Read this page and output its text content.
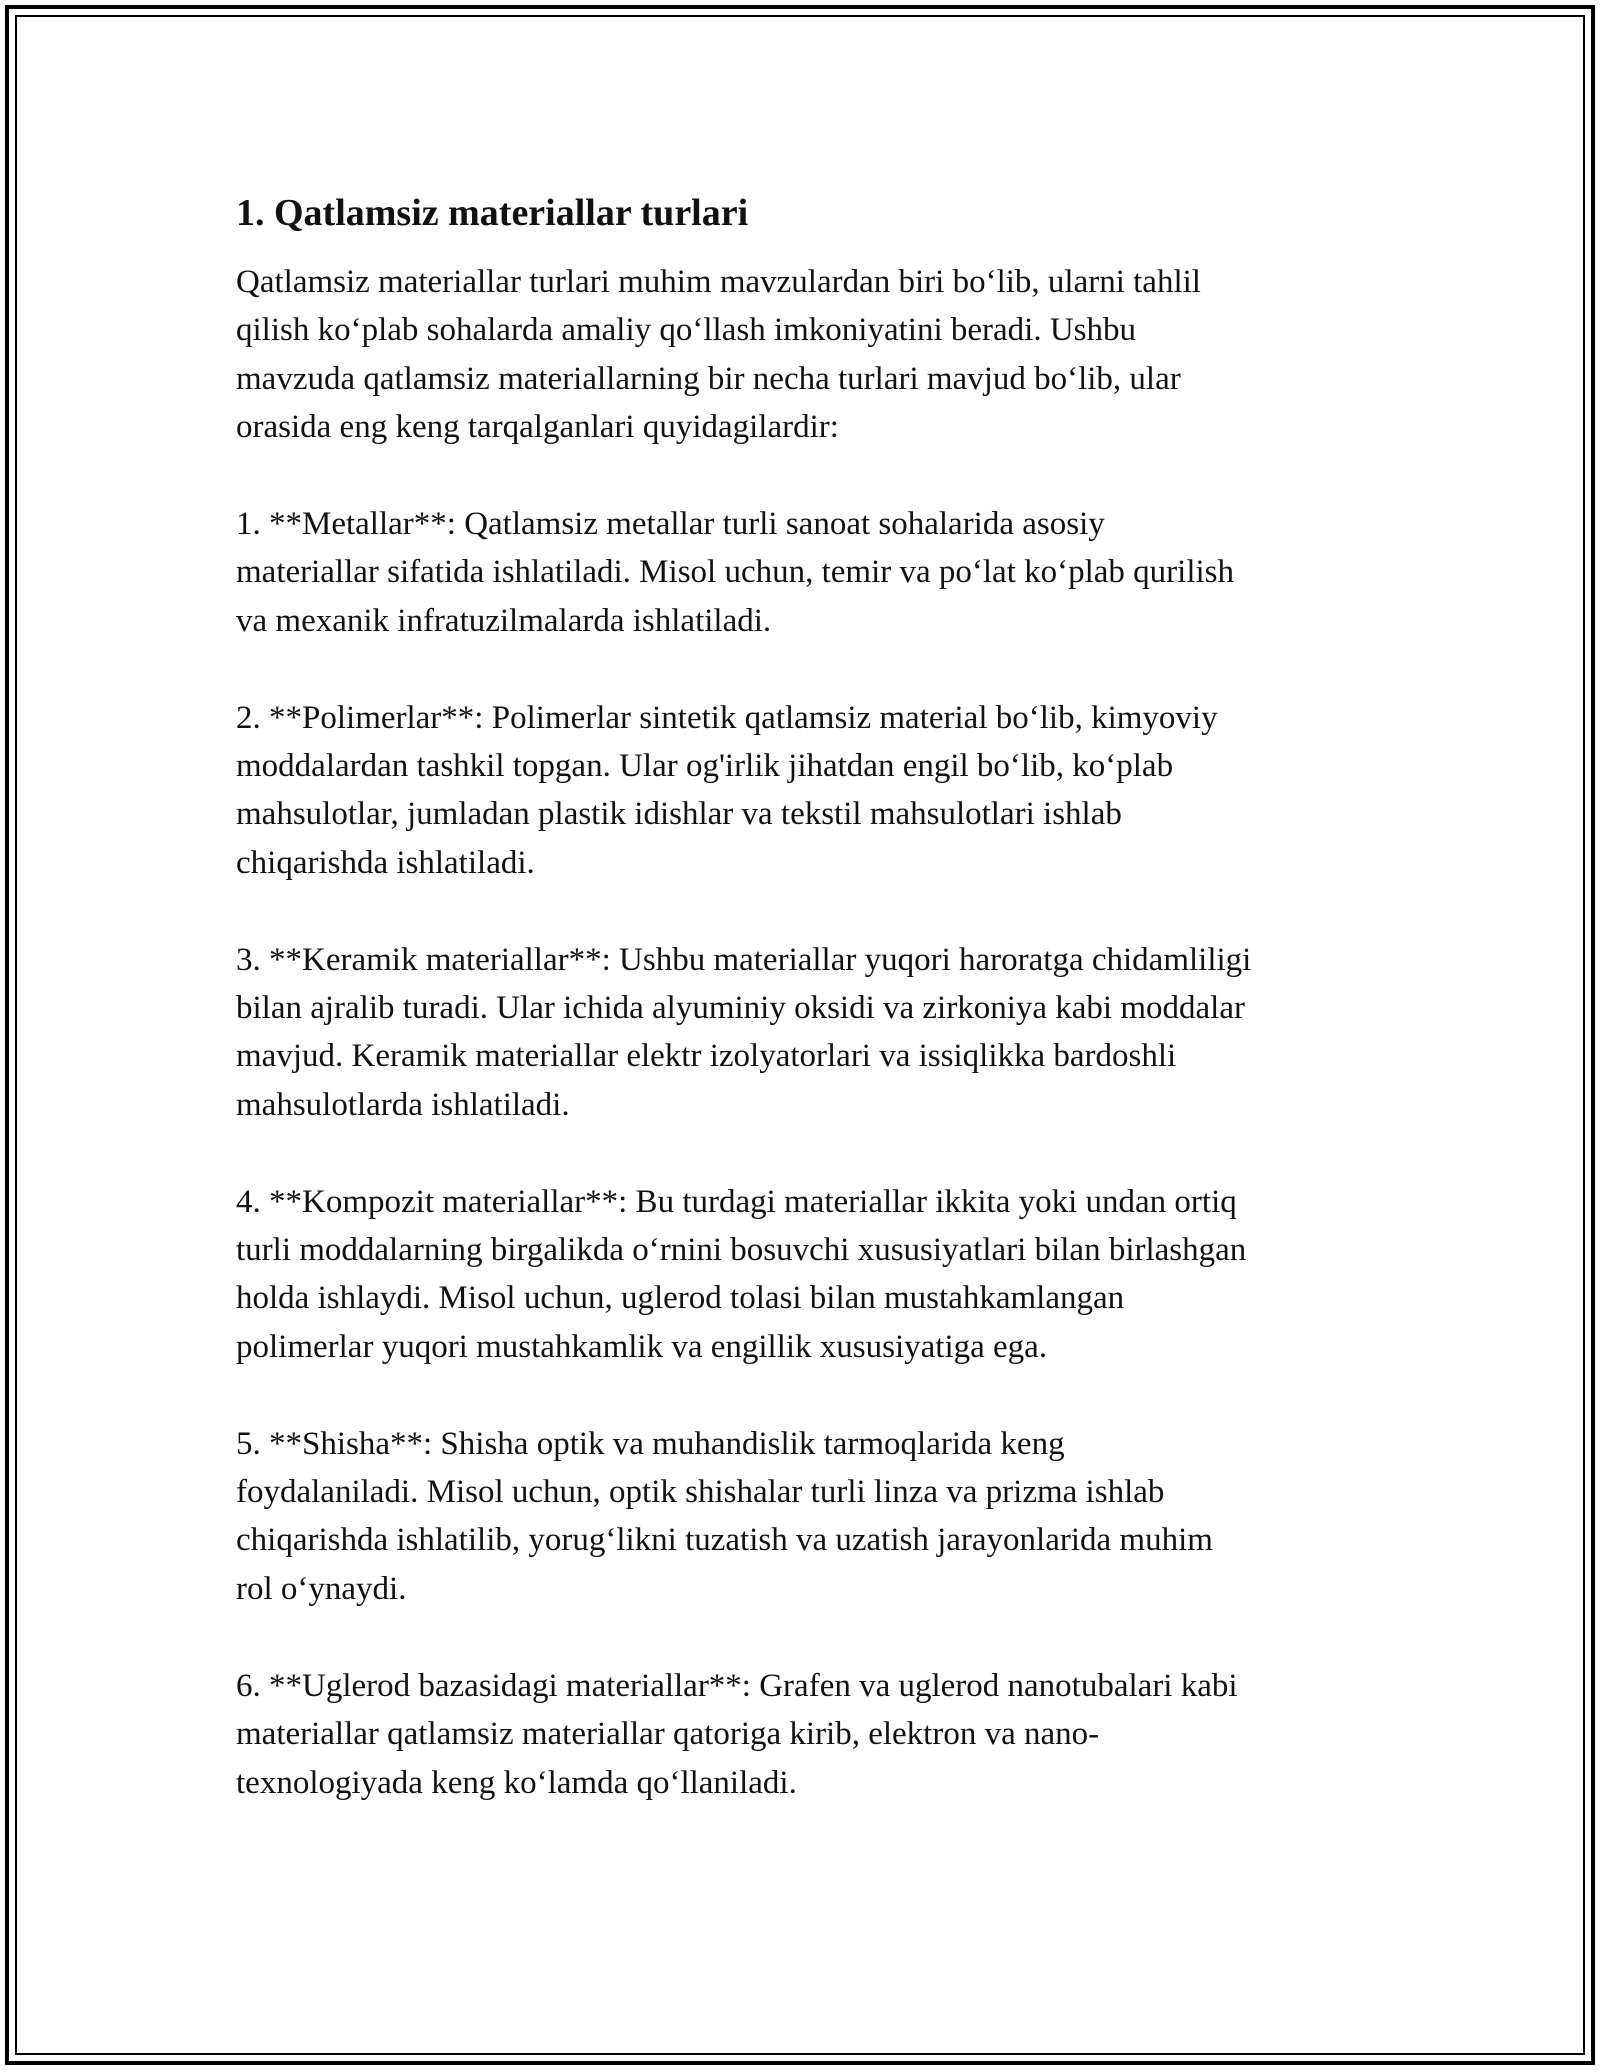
1. Qatlamsiz materiallar turlari

Qatlamsiz materiallar turlari muhim mavzulardan biri bo‘lib, ularni tahlil
qilish ko‘plab sohalarda amaliy qo‘llash imkoniyatini beradi. Ushbu
mavzuda qatlamsiz materiallarning bir necha turlari mavjud bo‘lib, ular
orasida eng keng tarqalganlari quyidagilardir:

1. **Metallar**: Qatlamsiz metallar turli sanoat sohalarida asosiy
materiallar sifatida ishlatiladi. Misol uchun, temir va po‘lat ko‘plab qurilish
va mexanik infratuzilmalarda ishlatiladi.

2. **Polimerlar**: Polimerlar sintetik qatlamsiz material bo‘lib, kimyoviy
moddalardan tashkil topgan. Ular og'irlik jihatdan engil bo‘lib, ko‘plab
mahsulotlar, jumladan plastik idishlar va tekstil mahsulotlari ishlab
chiqarishda ishlatiladi.

3. **Keramik materiallar**: Ushbu materiallar yuqori haroratga chidamliligi
bilan ajralib turadi. Ular ichida alyuminiy oksidi va zirkoniya kabi moddalar
mavjud. Keramik materiallar elektr izolyatorlari va issiqlikka bardoshli
mahsulotlarda ishlatiladi.

4. **Kompozit materiallar**: Bu turdagi materiallar ikkita yoki undan ortiq
turli moddalarning birgalikda o‘rnini bosuvchi xususiyatlari bilan birlashgan
holda ishlaydi. Misol uchun, uglerod tolasi bilan mustahkamlangan
polimerlar yuqori mustahkamlik va engillik xususiyatiga ega.

5. **Shisha**: Shisha optik va muhandislik tarmoqlarida keng
foydalaniladi. Misol uchun, optik shishalar turli linza va prizma ishlab
chiqarishda ishlatilib, yorug‘likni tuzatish va uzatish jarayonlarida muhim
rol o‘ynaydi.

6. **Uglerod bazasidagi materiallar**: Grafen va uglerod nanotubalari kabi
materiallar qatlamsiz materiallar qatoriga kirib, elektron va nano-
texnologiyada keng ko‘lamda qo‘llaniladi.
